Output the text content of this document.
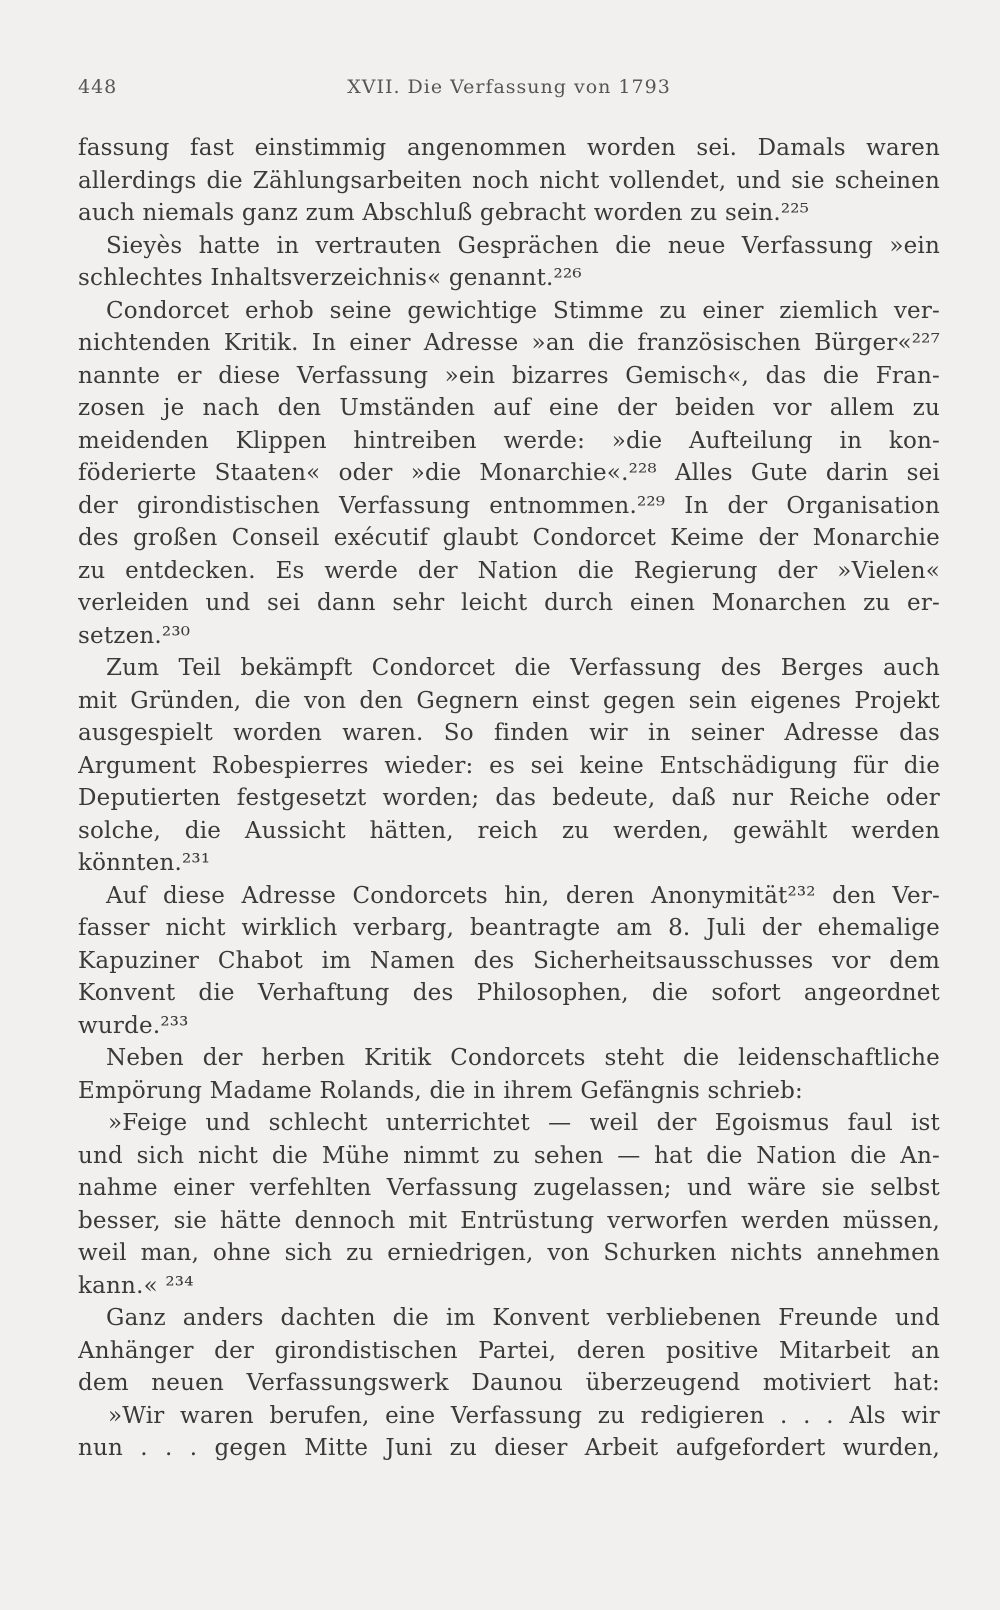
448	XVII. Die Verfassung von 1793
fassung fast einstimmig angenommen worden sei. Damals waren
allerdings die Zählungsarbeiten noch nicht vollendet, und sie scheinen
auch niemals ganz zum Abschluß gebracht worden zu sein.²²⁵
Sieyès hatte in vertrauten Gesprächen die neue Verfassung »ein
schlechtes Inhaltsverzeichnis« genannt.²²⁶
Condorcet erhob seine gewichtige Stimme zu einer ziemlich ver-
nichtenden Kritik. In einer Adresse »an die französischen Bürger«²²⁷
nannte er diese Verfassung »ein bizarres Gemisch«, das die Fran-
zosen je nach den Umständen auf eine der beiden vor allem zu
meidenden Klippen hintreiben werde: »die Aufteilung in kon-
föderierte Staaten« oder »die Monarchie«.²²⁸ Alles Gute darin sei
der girondistischen Verfassung entnommen.²²⁹ In der Organisation
des großen Conseil exécutif glaubt Condorcet Keime der Monarchie
zu entdecken. Es werde der Nation die Regierung der »Vielen«
verleiden und sei dann sehr leicht durch einen Monarchen zu er-
setzen.²³⁰
Zum Teil bekämpft Condorcet die Verfassung des Berges auch
mit Gründen, die von den Gegnern einst gegen sein eigenes Projekt
ausgespielt worden waren. So finden wir in seiner Adresse das
Argument Robespierres wieder: es sei keine Entschädigung für die
Deputierten festgesetzt worden; das bedeute, daß nur Reiche oder
solche, die Aussicht hätten, reich zu werden, gewählt werden
könnten.²³¹
Auf diese Adresse Condorcets hin, deren Anonymität²³² den Ver-
fasser nicht wirklich verbarg, beantragte am 8. Juli der ehemalige
Kapuziner Chabot im Namen des Sicherheitsausschusses vor dem
Konvent die Verhaftung des Philosophen, die sofort angeordnet
wurde.²³³
Neben der herben Kritik Condorcets steht die leidenschaftliche
Empörung Madame Rolands, die in ihrem Gefängnis schrieb:
»Feige und schlecht unterrichtet — weil der Egoismus faul ist
und sich nicht die Mühe nimmt zu sehen — hat die Nation die An-
nahme einer verfehlten Verfassung zugelassen; und wäre sie selbst
besser, sie hätte dennoch mit Entrüstung verworfen werden müssen,
weil man, ohne sich zu erniedrigen, von Schurken nichts annehmen
kann.« ²³⁴
Ganz anders dachten die im Konvent verbliebenen Freunde und
Anhänger der girondistischen Partei, deren positive Mitarbeit an
dem neuen Verfassungswerk Daunou überzeugend motiviert hat:
»Wir waren berufen, eine Verfassung zu redigieren . . . Als wir
nun . . . gegen Mitte Juni zu dieser Arbeit aufgefordert wurden,
